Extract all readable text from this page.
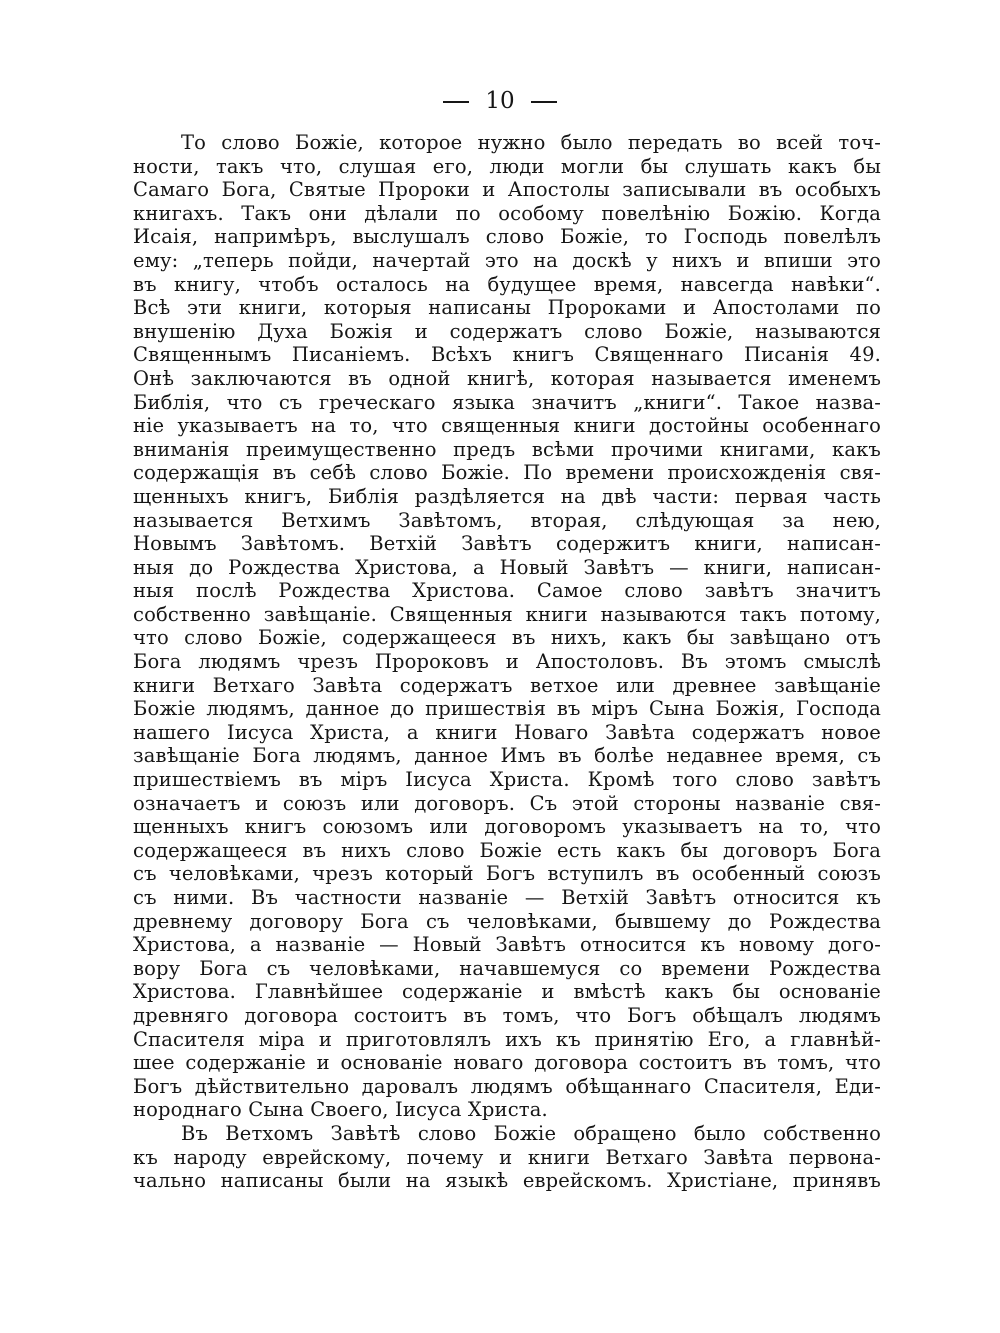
10
То слово Божіе, которое нужно было передать во всей точ-
ности, такъ что, слушая его, люди могли бы слушать какъ бы
Самаго Бога, Святые Пророки и Апостолы записывали въ особыхъ
книгахъ. Такъ они дѣлали по особому повелѣнію Божію. Когда
Исаія, напримѣръ, выслушалъ слово Божіе, то Господь повелѣлъ
ему: „теперь пойди, начертай это на доскѣ у нихъ и впиши это
въ книгу, чтобъ осталось на будущее время, навсегда навѣки“.
Всѣ эти книги, которыя написаны Пророками и Апостолами по
внушенію Духа Божія и содержатъ слово Божіе, называются
Священнымъ Писаніемъ. Всѣхъ книгъ Священнаго Писанія 49.
Онѣ заключаются въ одной книгѣ, которая называется именемъ
Библія, что съ греческаго языка значитъ „книги“. Такое назва-
ніе указываетъ на то, что священныя книги достойны особеннаго
вниманія преимущественно предъ всѣми прочими книгами, какъ
содержащія въ себѣ слово Божіе. По времени происхожденія свя-
щенныхъ книгъ, Библія раздѣляется на двѣ части: первая часть
называется Ветхимъ Завѣтомъ, вторая, слѣдующая за нею,
Новымъ Завѣтомъ. Ветхій Завѣтъ содержитъ книги, написан-
ныя до Рождества Христова, а Новый Завѣтъ — книги, написан-
ныя послѣ Рождества Христова. Самое слово завѣтъ значитъ
собственно завѣщаніе. Священныя книги называются такъ потому,
что слово Божіе, содержащееся въ нихъ, какъ бы завѣщано отъ
Бога людямъ чрезъ Пророковъ и Апостоловъ. Въ этомъ смыслѣ
книги Ветхаго Завѣта содержатъ ветхое или древнее завѣщаніе
Божіе людямъ, данное до пришествія въ міръ Сына Божія, Господа
нашего Іисуса Христа, а книги Новаго Завѣта содержатъ новое
завѣщаніе Бога людямъ, данное Имъ въ болѣе недавнее время, съ
пришествіемъ въ міръ Іисуса Христа. Кромѣ того слово завѣтъ
означаетъ и союзъ или договоръ. Съ этой стороны названіе свя-
щенныхъ книгъ союзомъ или договоромъ указываетъ на то, что
содержащееся въ нихъ слово Божіе есть какъ бы договоръ Бога
съ человѣками, чрезъ который Богъ вступилъ въ особенный союзъ
съ ними. Въ частности названіе — Ветхій Завѣтъ относится къ
древнему договору Бога съ человѣками, бывшему до Рождества
Христова, а названіе — Новый Завѣтъ относится къ новому дого-
вору Бога съ человѣками, начавшемуся со времени Рождества
Христова. Главнѣйшее содержаніе и вмѣстѣ какъ бы основаніе
древняго договора состоитъ въ томъ, что Богъ обѣщалъ людямъ
Спасителя міра и приготовлялъ ихъ къ принятію Его, а главнѣй-
шее содержаніе и основаніе новаго договора состоитъ въ томъ, что
Богъ дѣйствительно даровалъ людямъ обѣщаннаго Спасителя, Еди-
нороднаго Сына Своего, Іисуса Христа.
Въ Ветхомъ Завѣтѣ слово Божіе обращено было собственно
къ народу еврейскому, почему и книги Ветхаго Завѣта первона-
чально написаны были на языкѣ еврейскомъ. Христіане, принявъ
